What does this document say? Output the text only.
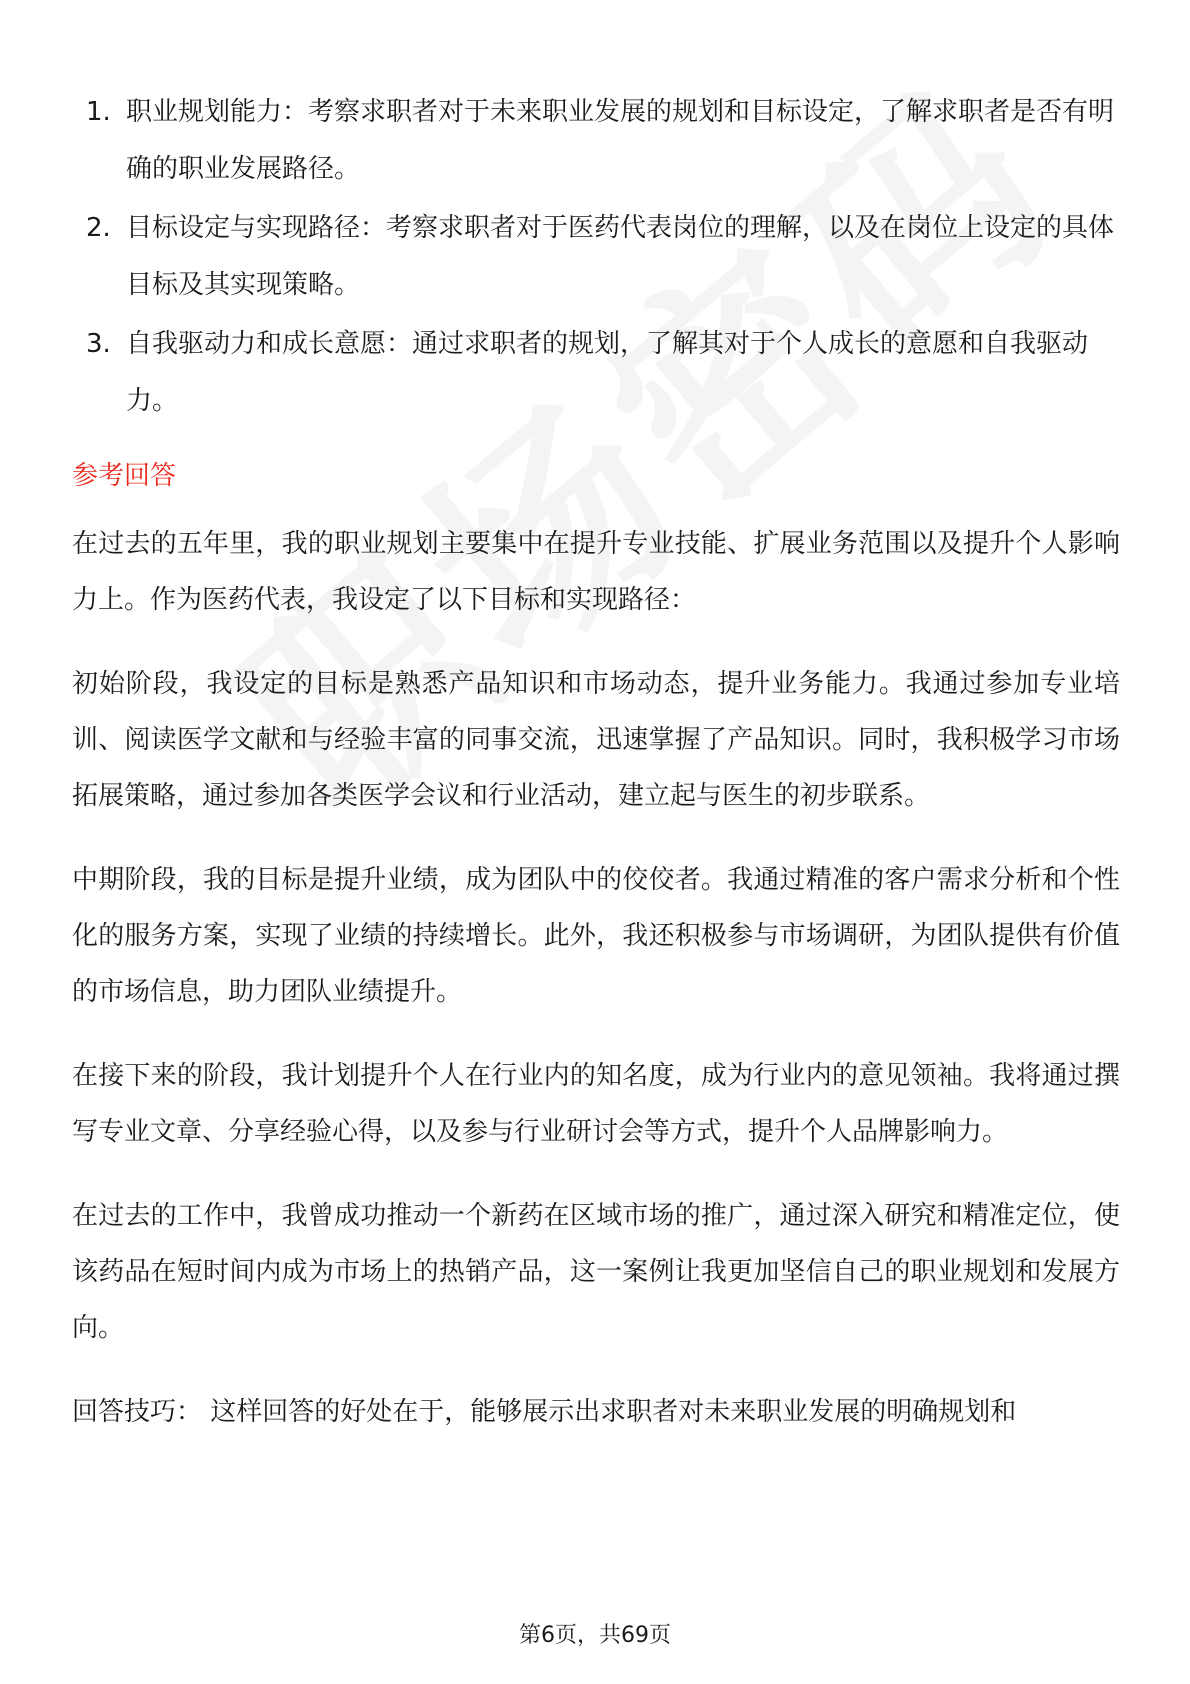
1. 职业规划能力：考察求职者对于未来职业发展的规划和目标设定，了解求职者是否有明确的职业发展路径。
2. 目标设定与实现路径：考察求职者对于医药代表岗位的理解，以及在岗位上设定的具体目标及其实现策略。
3. 自我驱动力和成长意愿：通过求职者的规划，了解其对于个人成长的意愿和自我驱动力。
参考回答

在过去的五年里，我的职业规划主要集中在提升专业技能、扩展业务范围以及提升个人影响力上。作为医药代表，我设定了以下目标和实现路径：

初始阶段，我设定的目标是熟悉产品知识和市场动态，提升业务能力。我通过参加专业培训、阅读医学文献和与经验丰富的同事交流，迅速掌握了产品知识。同时，我积极学习市场拓展策略，通过参加各类医学会议和行业活动，建立起与医生的初步联系。

中期阶段，我的目标是提升业绩，成为团队中的佼佼者。我通过精准的客户需求分析和个性化的服务方案，实现了业绩的持续增长。此外，我还积极参与市场调研，为团队提供有价值的市场信息，助力团队业绩提升。

在接下来的阶段，我计划提升个人在行业内的知名度，成为行业内的意见领袖。我将通过撰写专业文章、分享经验心得，以及参与行业研讨会等方式，提升个人品牌影响力。

在过去的工作中，我曾成功推动一个新药在区域市场的推广，通过深入研究和精准定位，使该药品在短时间内成为市场上的热销产品，这一案例让我更加坚信自己的职业规划和发展方向。

回答技巧： 这样回答的好处在于，能够展示出求职者对未来职业发展的明确规划和

第6页，共69页
